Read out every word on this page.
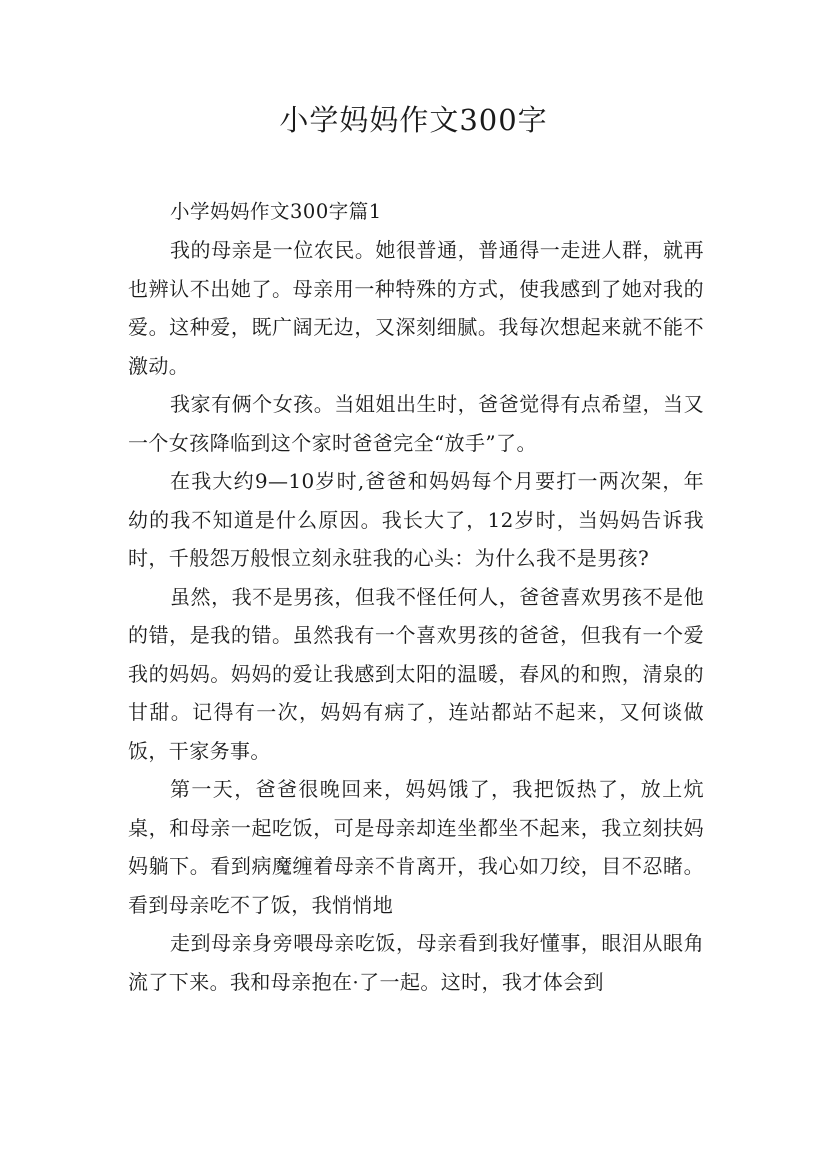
小学妈妈作文300字

小学妈妈作文300字篇1

我的母亲是一位农民。她很普通，普通得一走进人群，就再也辨认不出她了。母亲用一种特殊的方式，使我感到了她对我的爱。这种爱，既广阔无边，又深刻细腻。我每次想起来就不能不激动。

我家有俩个女孩。当姐姐出生时，爸爸觉得有点希望，当又一个女孩降临到这个家时爸爸完全“放手”了。

在我大约9—10岁时,爸爸和妈妈每个月要打一两次架，年幼的我不知道是什么原因。我长大了，12岁时，当妈妈告诉我时，千般怨万般恨立刻永驻我的心头：为什么我不是男孩?

虽然，我不是男孩，但我不怪任何人，爸爸喜欢男孩不是他的错，是我的错。虽然我有一个喜欢男孩的爸爸，但我有一个爱我的妈妈。妈妈的爱让我感到太阳的温暖，春风的和煦，清泉的甘甜。记得有一次，妈妈有病了，连站都站不起来，又何谈做饭，干家务事。

第一天，爸爸很晚回来，妈妈饿了，我把饭热了，放上炕桌，和母亲一起吃饭，可是母亲却连坐都坐不起来，我立刻扶妈妈躺下。看到病魔缠着母亲不肯离开，我心如刀绞，目不忍睹。看到母亲吃不了饭，我悄悄地

走到母亲身旁喂母亲吃饭，母亲看到我好懂事，眼泪从眼角流了下来。我和母亲抱在·了一起。这时，我才体会到
